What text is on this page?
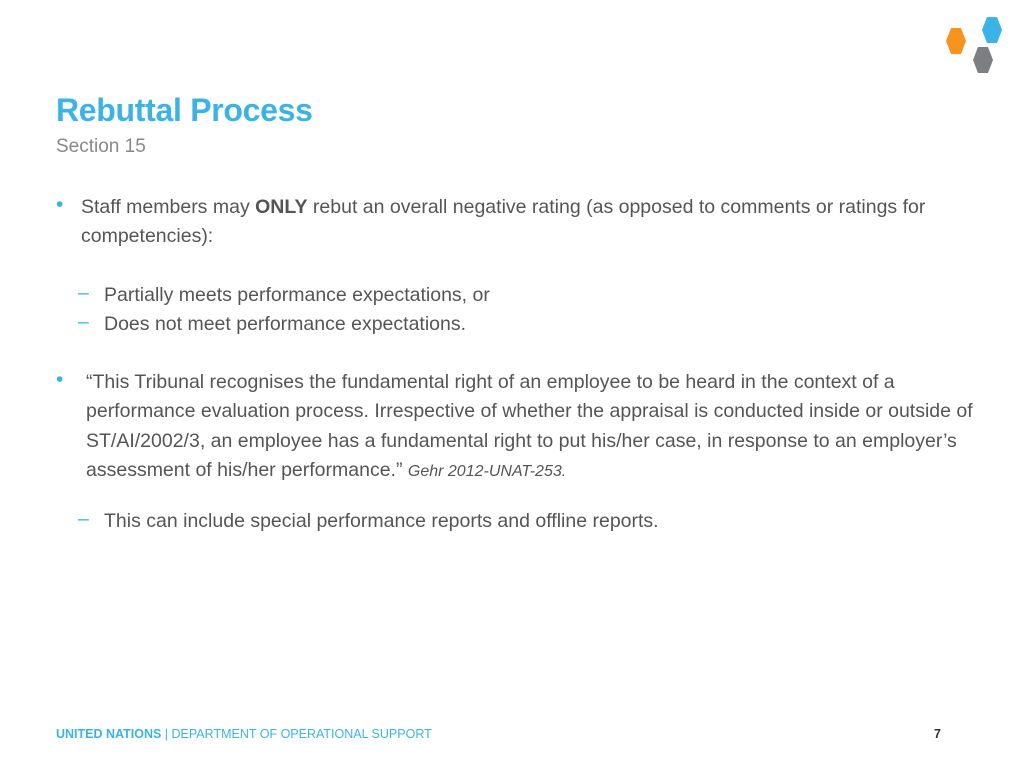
Rebuttal Process
Section 15
• Staff members may ONLY rebut an overall negative rating (as opposed to comments or ratings for competencies):
– Partially meets performance expectations, or
– Does not meet performance expectations.
• “This Tribunal recognises the fundamental right of an employee to be heard in the context of a performance evaluation process. Irrespective of whether the appraisal is conducted inside or outside of ST/AI/2002/3, an employee has a fundamental right to put his/her case, in response to an employer’s assessment of his/her performance.” Gehr 2012-UNAT-253.
– This can include special performance reports and offline reports.
UNITED NATIONS | DEPARTMENT OF OPERATIONAL SUPPORT	7
